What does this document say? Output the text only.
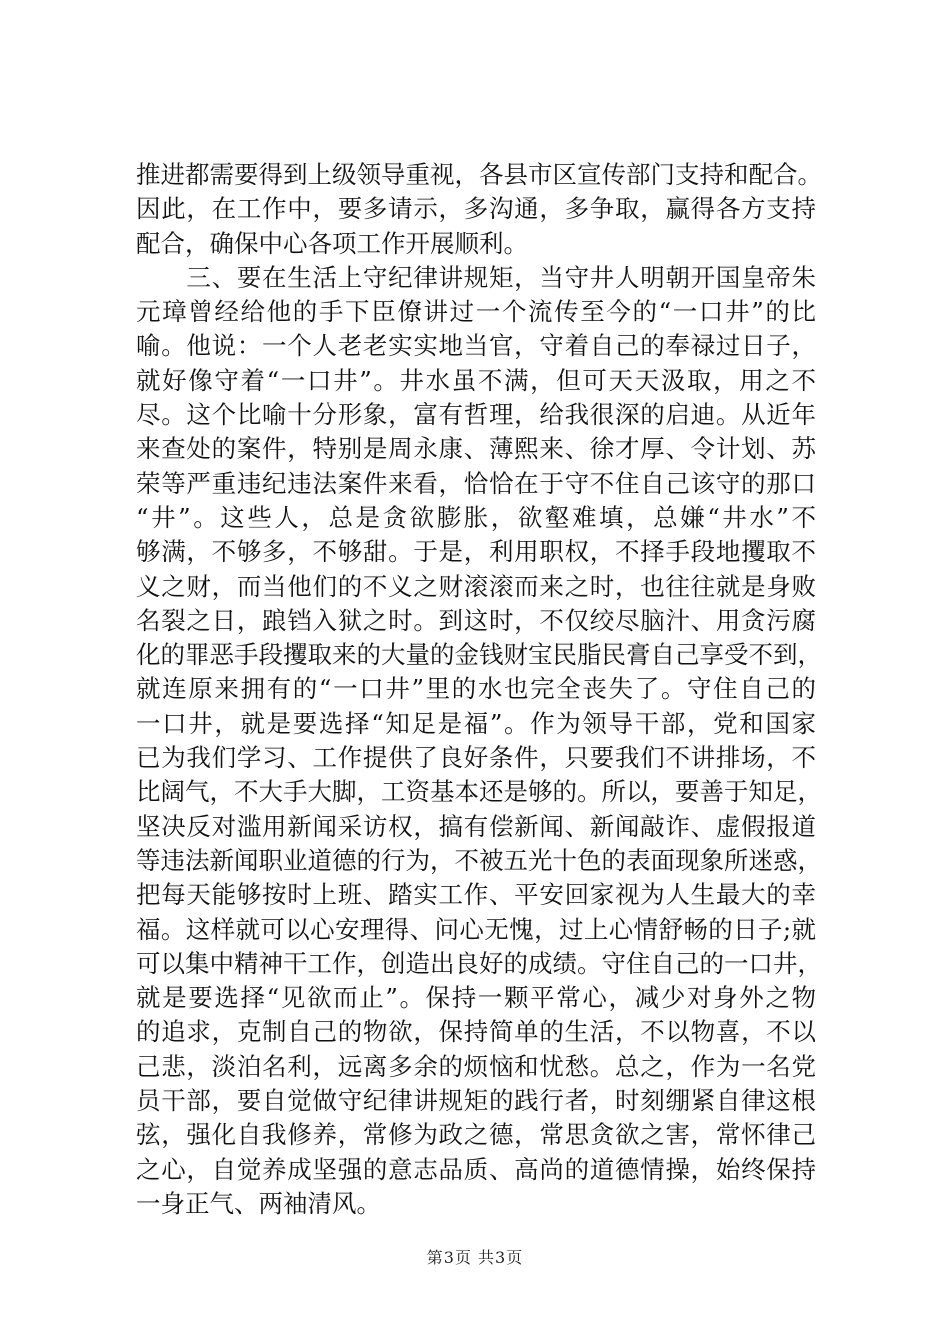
推进都需要得到上级领导重视，各县市区宣传部门支持和配合。
因此，在工作中，要多请示，多沟通，多争取，赢得各方支持
配合，确保中心各项工作开展顺利。
　　三、要在生活上守纪律讲规矩，当守井人明朝开国皇帝朱
元璋曾经给他的手下臣僚讲过一个流传至今的“一口井”的比
喻。他说：一个人老老实实地当官，守着自己的奉禄过日子，
就好像守着“一口井”。井水虽不满，但可天天汲取，用之不
尽。这个比喻十分形象，富有哲理，给我很深的启迪。从近年
来查处的案件，特别是周永康、薄熙来、徐才厚、令计划、苏
荣等严重违纪违法案件来看，恰恰在于守不住自己该守的那口
“井”。这些人，总是贪欲膨胀，欲壑难填，总嫌“井水”不
够满，不够多，不够甜。于是，利用职权，不择手段地攫取不
义之财，而当他们的不义之财滚滚而来之时，也往往就是身败
名裂之日，踉铛入狱之时。到这时，不仅绞尽脑汁、用贪污腐
化的罪恶手段攫取来的大量的金钱财宝民脂民膏自己享受不到，
就连原来拥有的“一口井”里的水也完全丧失了。守住自己的
一口井，就是要选择“知足是福”。作为领导干部，党和国家
已为我们学习、工作提供了良好条件，只要我们不讲排场，不
比阔气，不大手大脚，工资基本还是够的。所以，要善于知足，
坚决反对滥用新闻采访权，搞有偿新闻、新闻敲诈、虚假报道
等违法新闻职业道德的行为，不被五光十色的表面现象所迷惑，
把每天能够按时上班、踏实工作、平安回家视为人生最大的幸
福。这样就可以心安理得、问心无愧，过上心情舒畅的日子;就
可以集中精神干工作，创造出良好的成绩。守住自己的一口井，
就是要选择“见欲而止”。保持一颗平常心，减少对身外之物
的追求，克制自己的物欲，保持简单的生活，不以物喜，不以
己悲，淡泊名利，远离多余的烦恼和忧愁。总之，作为一名党
员干部，要自觉做守纪律讲规矩的践行者，时刻绷紧自律这根
弦，强化自我修养，常修为政之德，常思贪欲之害，常怀律己
之心，自觉养成坚强的意志品质、高尚的道德情操，始终保持
一身正气、两袖清风。
第3页 共3页
